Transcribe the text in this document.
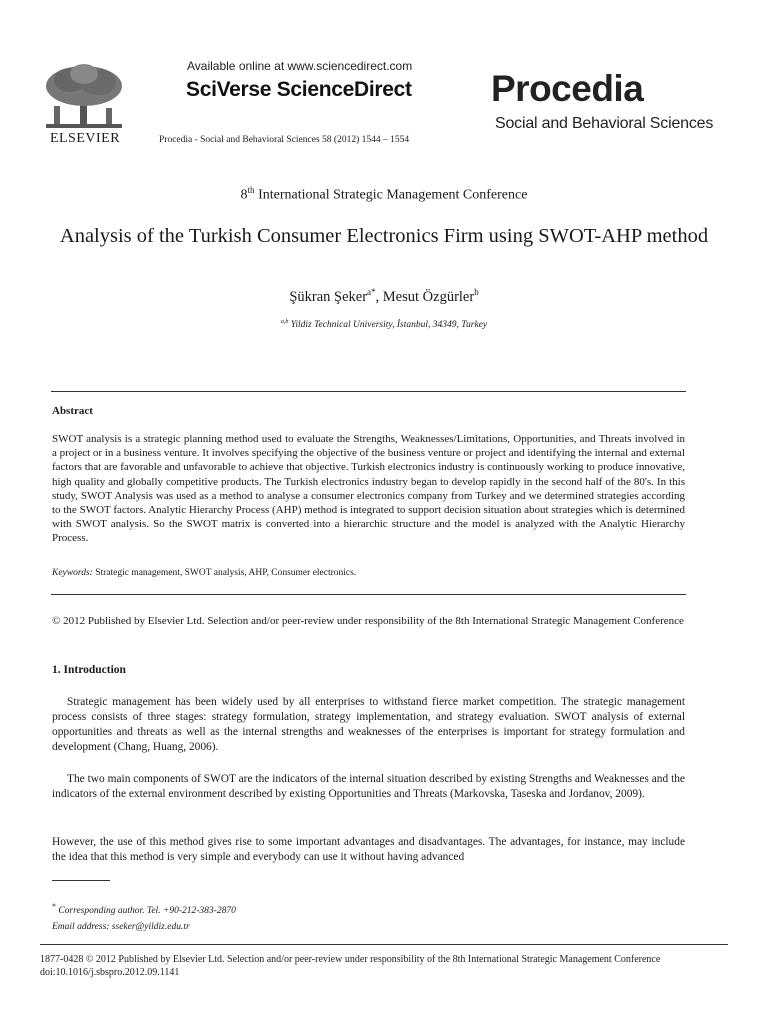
ELSEVIER
Available online at www.sciencedirect.com
SciVerse ScienceDirect
Procedia - Social and Behavioral Sciences 58 (2012) 1544 – 1554
Procedia
Social and Behavioral Sciences
8th International Strategic Management Conference
Analysis of the Turkish Consumer Electronics Firm using SWOT-AHP method
Şükran Şeker$^{a*}$, Mesut Özgürler$^b$
$^{a,b}$ Yildiz Technical University, İstanbul, 34349, Turkey
Abstract
SWOT analysis is a strategic planning method used to evaluate the Strengths, Weaknesses/Limitations, Opportunities, and Threats involved in a project or in a business venture. It involves specifying the objective of the business venture or project and identifying the internal and external factors that are favorable and unfavorable to achieve that objective. Turkish electronics industry is continuously working to produce innovative, high quality and globally competitive products. The Turkish electronics industry began to develop rapidly in the second half of the 80's. In this study, SWOT Analysis was used as a method to analyse a consumer electronics company from Turkey and we determined strategies according to the SWOT factors. Analytic Hierarchy Process (AHP) method is integrated to support decision situation about strategies which is determined with SWOT analysis. So the SWOT matrix is converted into a hierarchic structure and the model is analyzed with the Analytic Hierarchy Process.
Keywords: Strategic management, SWOT analysis, AHP, Consumer electronics.
© 2012 Published by Elsevier Ltd. Selection and/or peer-review under responsibility of the 8th International Strategic Management Conference
1. Introduction
Strategic management has been widely used by all enterprises to withstand fierce market competition. The strategic management process consists of three stages: strategy formulation, strategy implementation, and strategy evaluation. SWOT analysis of external opportunities and threats as well as the internal strengths and weaknesses of the enterprises is important for strategy formulation and development (Chang, Huang, 2006).
The two main components of SWOT are the indicators of the internal situation described by existing Strengths and Weaknesses and the indicators of the external environment described by existing Opportunities and Threats (Markovska, Taseska and Jordanov, 2009).
However, the use of this method gives rise to some important advantages and disadvantages. The advantages, for instance, may include the idea that this method is very simple and everybody can use it without having advanced
* Corresponding author. Tel. +90-212-383-2870
Email address: sseker@yildiz.edu.tr
1877-0428 © 2012 Published by Elsevier Ltd. Selection and/or peer-review under responsibility of the 8th International Strategic Management Conference
doi:10.1016/j.sbspro.2012.09.1141
